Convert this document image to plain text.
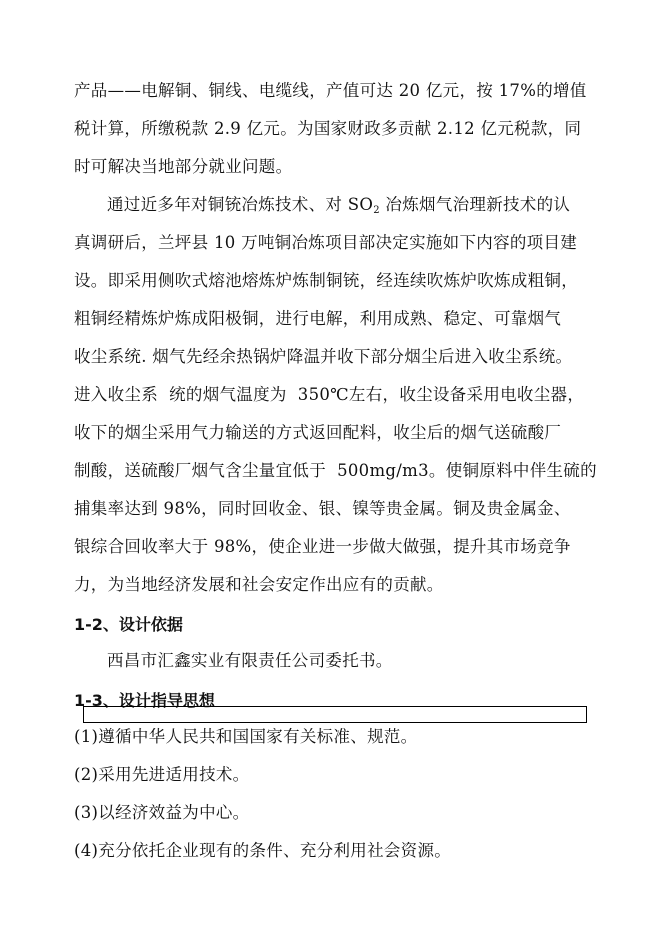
产品——电解铜、铜线、电缆线，产值可达 20 亿元，按 17%的增值
税计算，所缴税款 2.9 亿元。为国家财政多贡献 2.12 亿元税款，同
时可解决当地部分就业问题。
通过近多年对铜铳冶炼技术、对 $SO_2$ 冶炼烟气治理新技术的认
真调研后，兰坪县 10 万吨铜冶炼项目部决定实施如下内容的项目建
设。即采用侧吹式熔池熔炼炉炼制铜铳，经连续吹炼炉吹炼成粗铜，
粗铜经精炼炉炼成阳极铜，进行电解，利用成熟、稳定、可靠烟气
收尘系统. 烟气先经余热锅炉降温并收下部分烟尘后进入收尘系统。
进入收尘系  统的烟气温度为  350℃左右，收尘设备采用电收尘器，
收下的烟尘采用气力输送的方式返回配料，收尘后的烟气送硫酸厂
制酸，送硫酸厂烟气含尘量宜低于  500mg/m3。使铜原料中伴生硫的
捕集率达到 98%，同时回收金、银、镍等贵金属。铜及贵金属金、
银综合回收率大于 98%，使企业进一步做大做强，提升其市场竞争
力，为当地经济发展和社会安定作出应有的贡献。
1-2、设计依据
西昌市汇鑫实业有限责任公司委托书。
1-3、设计指导思想
(1)遵循中华人民共和国国家有关标准、规范。
(2)采用先进适用技术。
(3)以经济效益为中心。
(4)充分依托企业现有的条件、充分利用社会资源。
